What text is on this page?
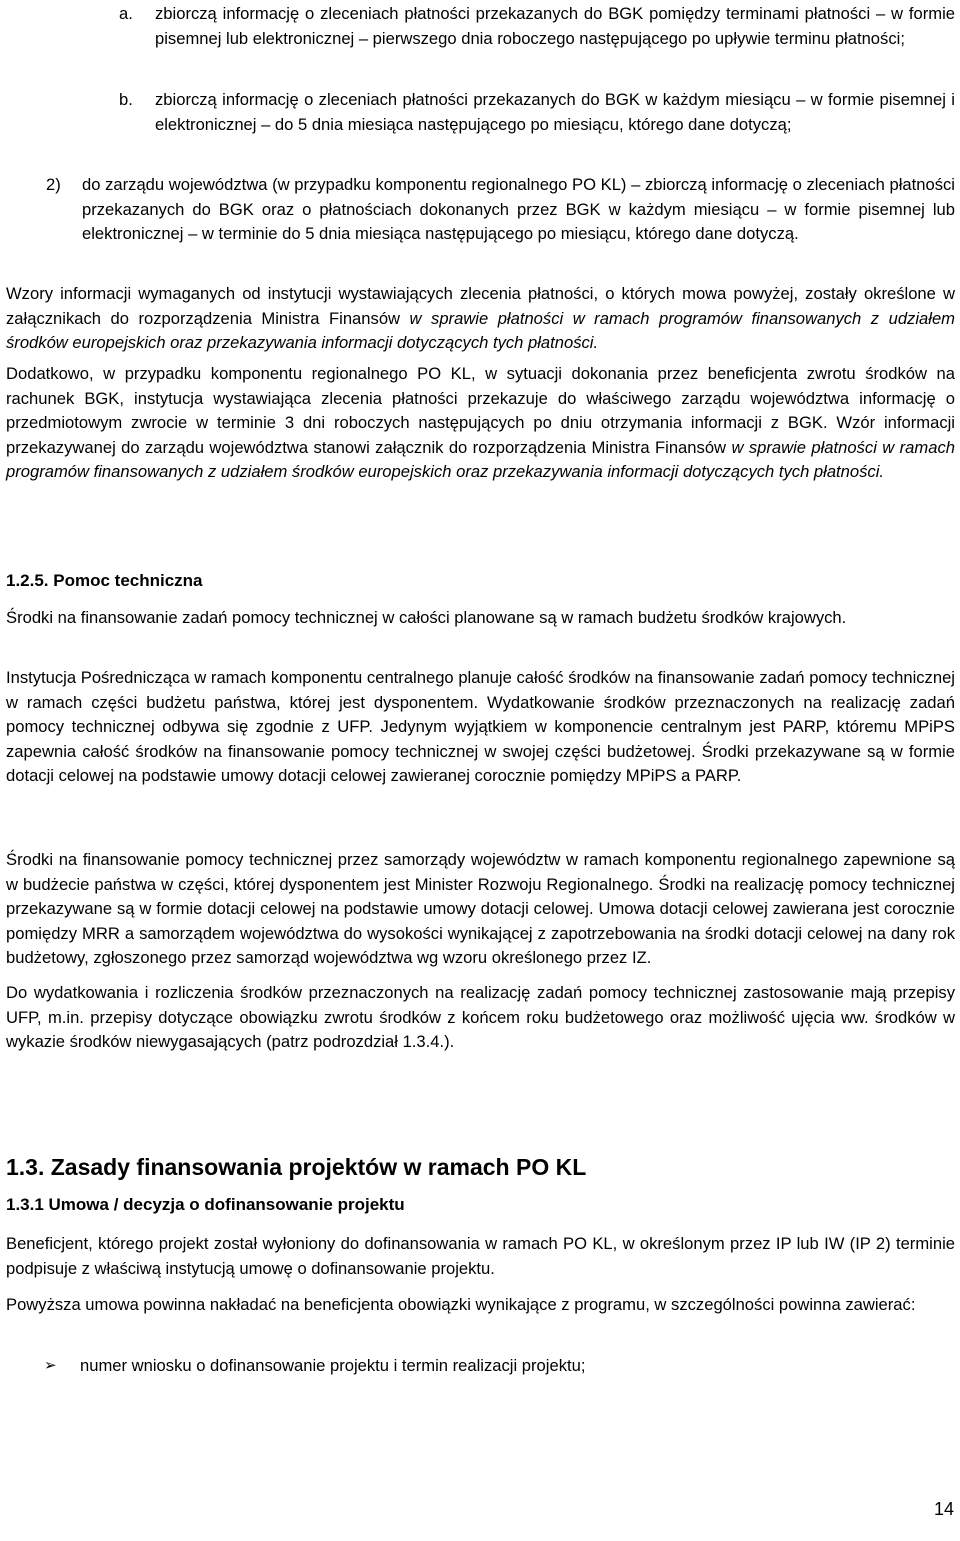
a. zbiorczą informację o zleceniach płatności przekazanych do BGK pomiędzy terminami płatności – w formie pisemnej lub elektronicznej – pierwszego dnia roboczego następującego po upływie terminu płatności;

b. zbiorczą informację o zleceniach płatności przekazanych do BGK w każdym miesiącu – w formie pisemnej i elektronicznej – do 5 dnia miesiąca następującego po miesiącu, którego dane dotyczą;

2) do zarządu województwa (w przypadku komponentu regionalnego PO KL) – zbiorczą informację o zleceniach płatności przekazanych do BGK oraz o płatnościach dokonanych przez BGK w każdym miesiącu – w formie pisemnej lub elektronicznej – w terminie do 5 dnia miesiąca następującego po miesiącu, którego dane dotyczą.

Wzory informacji wymaganych od instytucji wystawiających zlecenia płatności, o których mowa powyżej, zostały określone w załącznikach do rozporządzenia Ministra Finansów w sprawie płatności w ramach programów finansowanych z udziałem środków europejskich oraz przekazywania informacji dotyczących tych płatności.

Dodatkowo, w przypadku komponentu regionalnego PO KL, w sytuacji dokonania przez beneficjenta zwrotu środków na rachunek BGK, instytucja wystawiająca zlecenia płatności przekazuje do właściwego zarządu województwa informację o przedmiotowym zwrocie w terminie 3 dni roboczych następujących po dniu otrzymania informacji z BGK. Wzór informacji przekazywanej do zarządu województwa stanowi załącznik do rozporządzenia Ministra Finansów w sprawie płatności w ramach programów finansowanych z udziałem środków europejskich oraz przekazywania informacji dotyczących tych płatności.

1.2.5. Pomoc techniczna

Środki na finansowanie zadań pomocy technicznej w całości planowane są w ramach budżetu środków krajowych.

Instytucja Pośrednicząca w ramach komponentu centralnego planuje całość środków na finansowanie zadań pomocy technicznej w ramach części budżetu państwa, której jest dysponentem. Wydatkowanie środków przeznaczonych na realizację zadań pomocy technicznej odbywa się zgodnie z UFP. Jedynym wyjątkiem w komponencie centralnym jest PARP, któremu MPiPS zapewnia całość środków na finansowanie pomocy technicznej w swojej części budżetowej. Środki przekazywane są w formie dotacji celowej na podstawie umowy dotacji celowej zawieranej corocznie pomiędzy MPiPS a PARP.

Środki na finansowanie pomocy technicznej przez samorządy województw w ramach komponentu regionalnego zapewnione są w budżecie państwa w części, której dysponentem jest Minister Rozwoju Regionalnego. Środki na realizację pomocy technicznej przekazywane są w formie dotacji celowej na podstawie umowy dotacji celowej. Umowa dotacji celowej zawierana jest corocznie pomiędzy MRR a samorządem województwa do wysokości wynikającej z zapotrzebowania na środki dotacji celowej na dany rok budżetowy, zgłoszonego przez samorząd województwa wg wzoru określonego przez IZ.

Do wydatkowania i rozliczenia środków przeznaczonych na realizację zadań pomocy technicznej zastosowanie mają przepisy UFP, m.in. przepisy dotyczące obowiązku zwrotu środków z końcem roku budżetowego oraz możliwość ujęcia ww. środków w wykazie środków niewygasających (patrz podrozdział 1.3.4.).

1.3. Zasady finansowania projektów w ramach PO KL
1.3.1 Umowa / decyzja o dofinansowanie projektu

Beneficjent, którego projekt został wyłoniony do dofinansowania w ramach PO KL, w określonym przez IP lub IW (IP 2) terminie podpisuje z właściwą instytucją umowę o dofinansowanie projektu.

Powyższa umowa powinna nakładać na beneficjenta obowiązki wynikające z programu, w szczególności powinna zawierać:

➢ numer wniosku o dofinansowanie projektu i termin realizacji projektu;
14
